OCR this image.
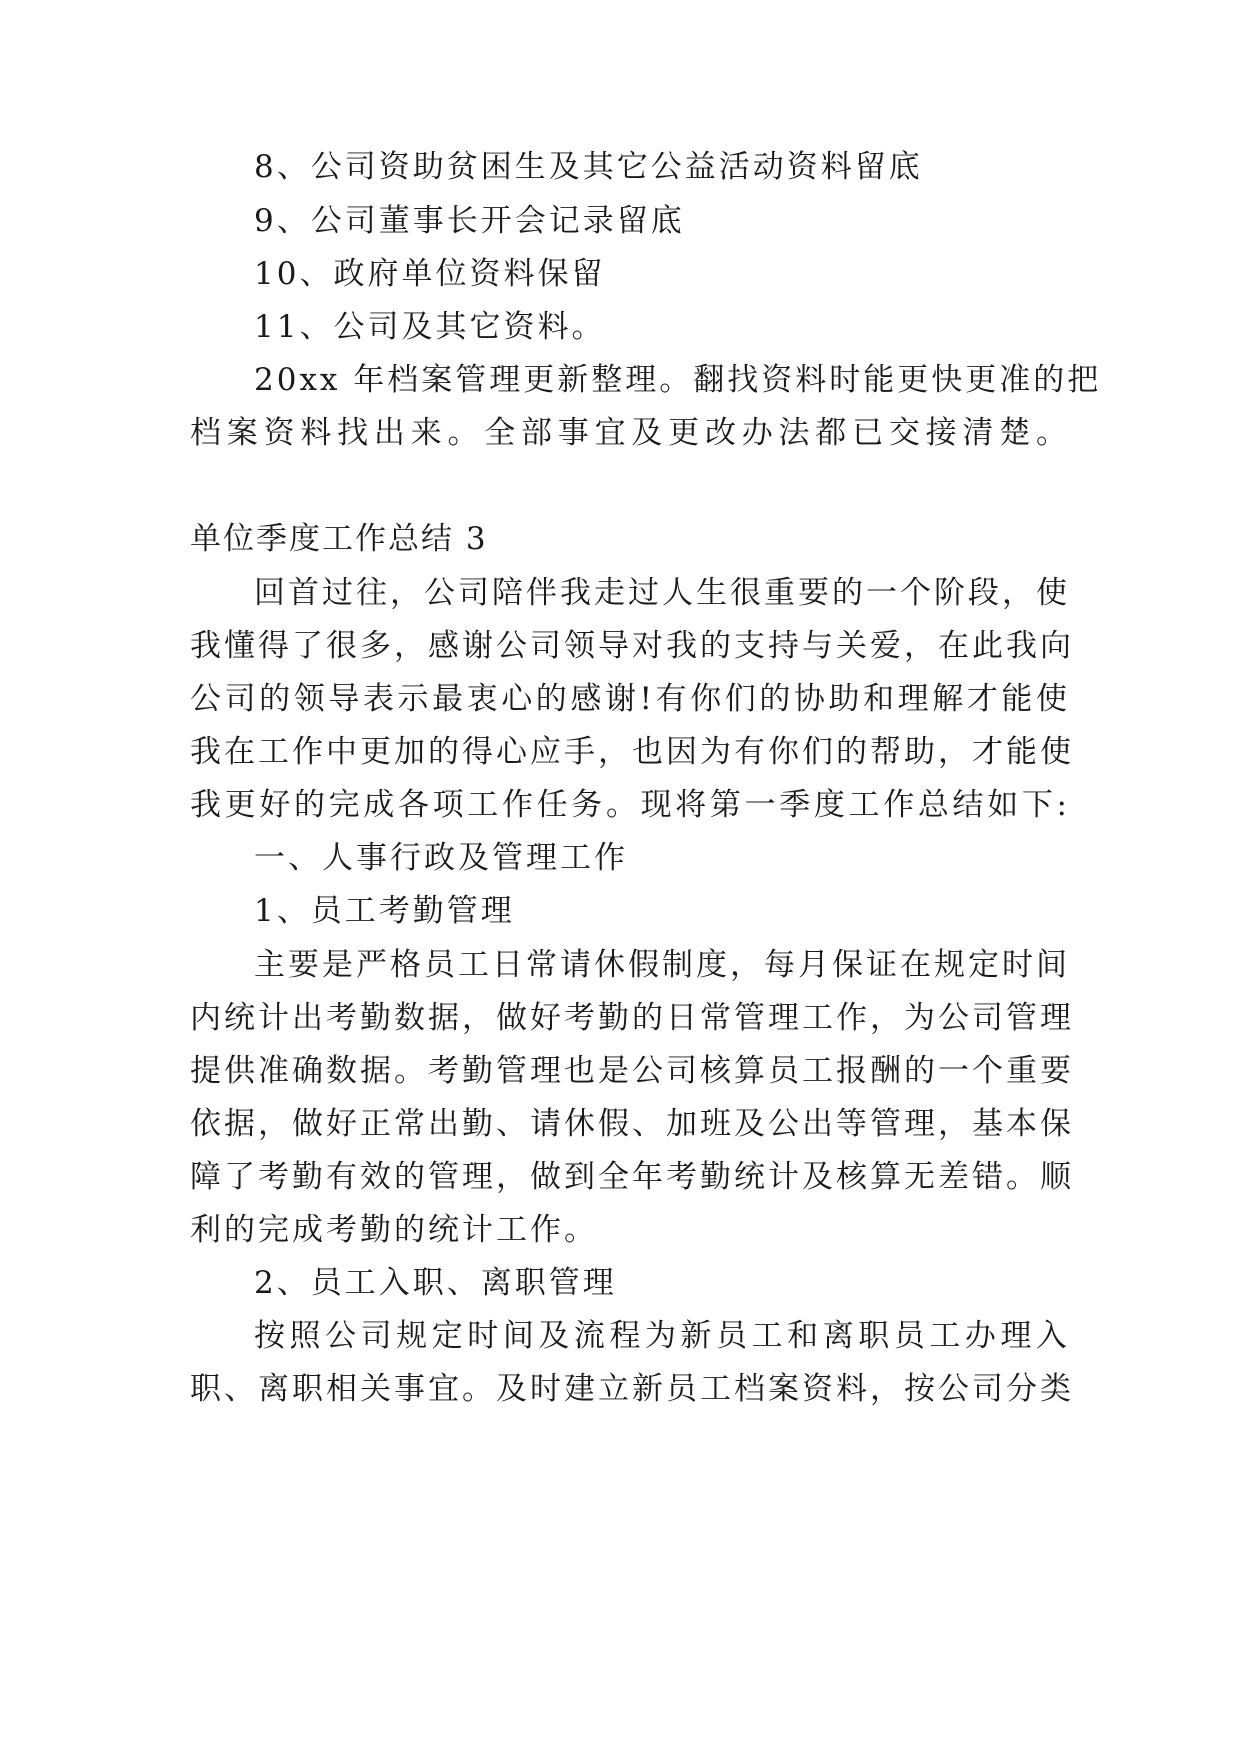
8、公司资助贫困生及其它公益活动资料留底
9、公司董事长开会记录留底
10、政府单位资料保留
11、公司及其它资料。
20xx 年档案管理更新整理。翻找资料时能更快更准的把
档案资料找出来。全部事宜及更改办法都已交接清楚。
单位季度工作总结 3
回首过往，公司陪伴我走过人生很重要的一个阶段，使
我懂得了很多，感谢公司领导对我的支持与关爱，在此我向
公司的领导表示最衷心的感谢!有你们的协助和理解才能使
我在工作中更加的得心应手，也因为有你们的帮助，才能使
我更好的完成各项工作任务。现将第一季度工作总结如下:
一、人事行政及管理工作
1、员工考勤管理
主要是严格员工日常请休假制度，每月保证在规定时间
内统计出考勤数据，做好考勤的日常管理工作，为公司管理
提供准确数据。考勤管理也是公司核算员工报酬的一个重要
依据，做好正常出勤、请休假、加班及公出等管理，基本保
障了考勤有效的管理，做到全年考勤统计及核算无差错。顺
利的完成考勤的统计工作。
2、员工入职、离职管理
按照公司规定时间及流程为新员工和离职员工办理入
职、离职相关事宜。及时建立新员工档案资料，按公司分类
